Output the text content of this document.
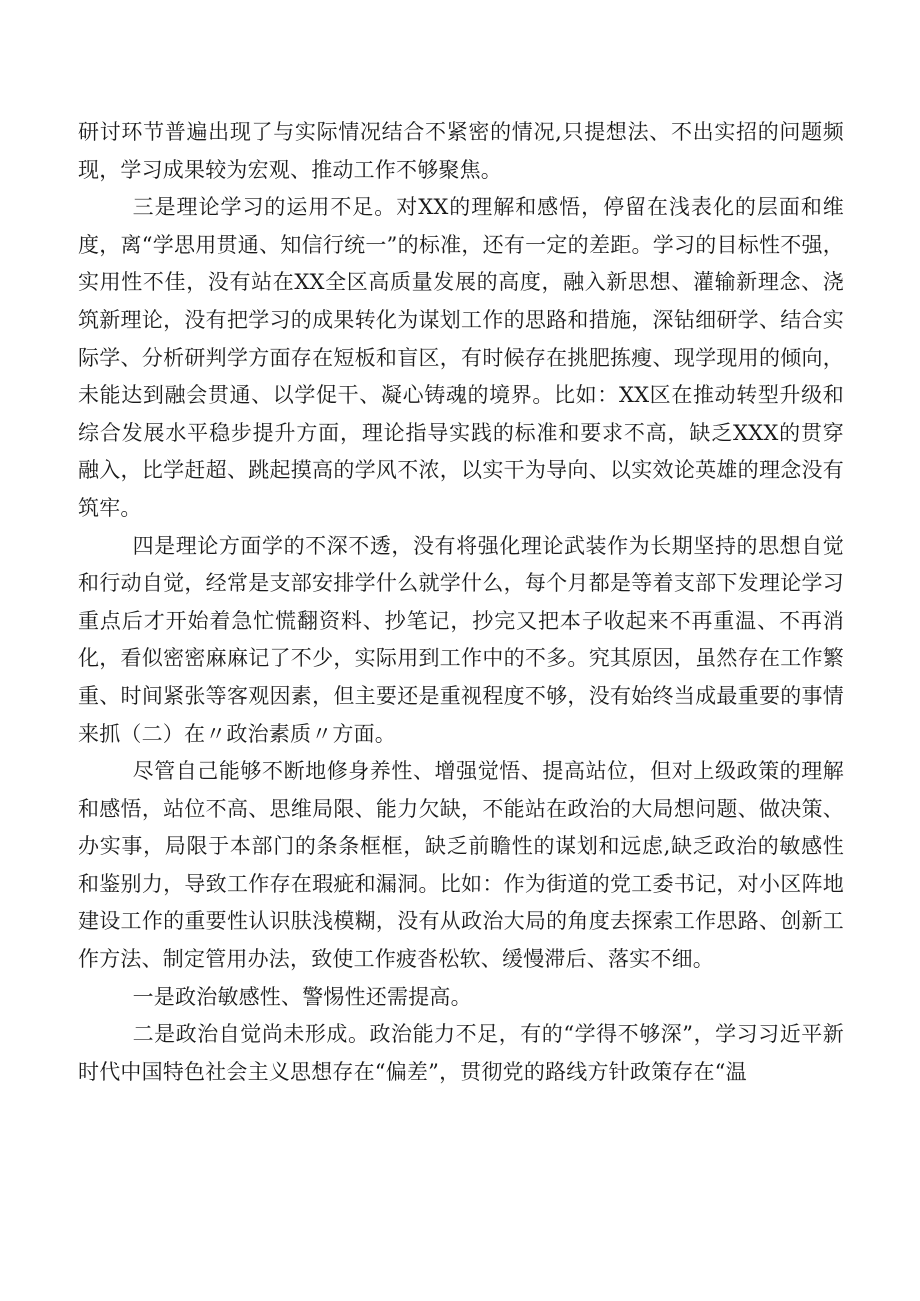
研讨环节普遍出现了与实际情况结合不紧密的情况,只提想法、不出实招的问题频现，学习成果较为宏观、推动工作不够聚焦。

三是理论学习的运用不足。对XX的理解和感悟，停留在浅表化的层面和维度，离“学思用贯通、知信行统一”的标准，还有一定的差距。学习的目标性不强，实用性不佳，没有站在XX全区高质量发展的高度，融入新思想、灌输新理念、浇筑新理论，没有把学习的成果转化为谋划工作的思路和措施，深钻细研学、结合实际学、分析研判学方面存在短板和盲区，有时候存在挑肥拣瘦、现学现用的倾向，未能达到融会贯通、以学促干、凝心铸魂的境界。比如：XX区在推动转型升级和综合发展水平稳步提升方面，理论指导实践的标准和要求不高，缺乏XXX的贯穿融入，比学赶超、跳起摸高的学风不浓，以实干为导向、以实效论英雄的理念没有筑牢。

四是理论方面学的不深不透，没有将强化理论武装作为长期坚持的思想自觉和行动自觉，经常是支部安排学什么就学什么，每个月都是等着支部下发理论学习重点后才开始着急忙慌翻资料、抄笔记，抄完又把本子收起来不再重温、不再消化，看似密密麻麻记了不少，实际用到工作中的不多。究其原因，虽然存在工作繁重、时间紧张等客观因素，但主要还是重视程度不够，没有始终当成最重要的事情来抓（二）在〃政治素质〃方面。

尽管自己能够不断地修身养性、增强觉悟、提高站位，但对上级政策的理解和感悟，站位不高、思维局限、能力欠缺，不能站在政治的大局想问题、做决策、办实事，局限于本部门的条条框框，缺乏前瞻性的谋划和远虑,缺乏政治的敏感性和鉴别力，导致工作存在瑕疵和漏洞。比如：作为街道的党工委书记，对小区阵地建设工作的重要性认识肤浅模糊，没有从政治大局的角度去探索工作思路、创新工作方法、制定管用办法，致使工作疲沓松软、缓慢滞后、落实不细。

一是政治敏感性、警惕性还需提高。

二是政治自觉尚未形成。政治能力不足，有的“学得不够深”，学习习近平新时代中国特色社会主义思想存在“偏差”，贯彻党的路线方针政策存在“温
